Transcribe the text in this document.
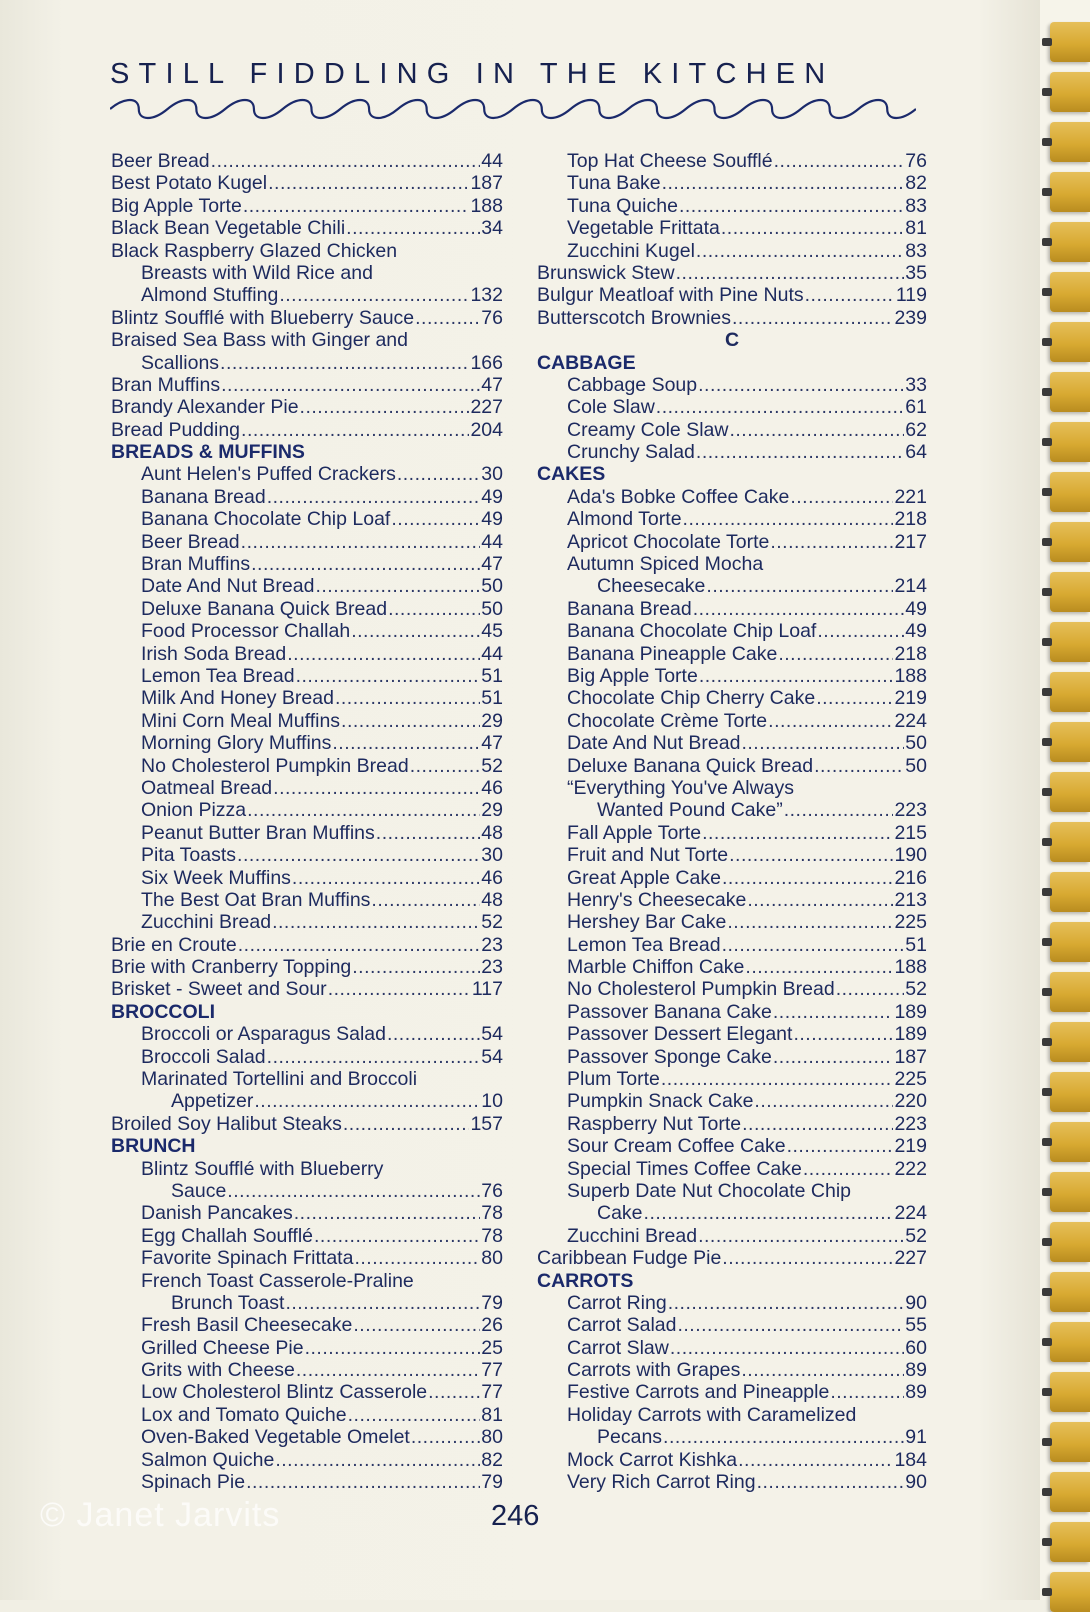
STILL FIDDLING IN THE KITCHEN
Beer Bread .....	44
Best Potato Kugel .....	187
Big Apple Torte .....	188
Black Bean Vegetable Chili .....	34
Black Raspberry Glazed Chicken
Breasts with Wild Rice and
Almond Stuffing .....	132
Blintz Soufflé with Blueberry Sauce .....	76
Braised Sea Bass with Ginger and
Scallions .....	166
Bran Muffins .....	47
Brandy Alexander Pie .....	227
Bread Pudding .....	204
BREADS & MUFFINS
Aunt Helen's Puffed Crackers .....	30
Banana Bread .....	49
Banana Chocolate Chip Loaf .....	49
Beer Bread .....	44
Bran Muffins .....	47
Date And Nut Bread .....	50
Deluxe Banana Quick Bread .....	50
Food Processor Challah .....	45
Irish Soda Bread .....	44
Lemon Tea Bread .....	51
Milk And Honey Bread .....	51
Mini Corn Meal Muffins .....	29
Morning Glory Muffins .....	47
No Cholesterol Pumpkin Bread .....	52
Oatmeal Bread .....	46
Onion Pizza .....	29
Peanut Butter Bran Muffins .....	48
Pita Toasts .....	30
Six Week Muffins .....	46
The Best Oat Bran Muffins .....	48
Zucchini Bread .....	52
Brie en Croute .....	23
Brie with Cranberry Topping .....	23
Brisket - Sweet and Sour .....	117
BROCCOLI
Broccoli or Asparagus Salad .....	54
Broccoli Salad .....	54
Marinated Tortellini and Broccoli
Appetizer .....	10
Broiled Soy Halibut Steaks .....	157
BRUNCH
Blintz Soufflé with Blueberry
Sauce .....	76
Danish Pancakes .....	78
Egg Challah Soufflé .....	78
Favorite Spinach Frittata .....	80
French Toast Casserole-Praline
Brunch Toast .....	79
Fresh Basil Cheesecake .....	26
Grilled Cheese Pie .....	25
Grits with Cheese .....	77
Low Cholesterol Blintz Casserole .....	77
Lox and Tomato Quiche .....	81
Oven-Baked Vegetable Omelet .....	80
Salmon Quiche .....	82
Spinach Pie .....	79
Top Hat Cheese Soufflé .....	76
Tuna Bake .....	82
Tuna Quiche .....	83
Vegetable Frittata .....	81
Zucchini Kugel .....	83
Brunswick Stew .....	35
Bulgur Meatloaf with Pine Nuts .....	119
Butterscotch Brownies .....	239
C
CABBAGE
Cabbage Soup .....	33
Cole Slaw .....	61
Creamy Cole Slaw .....	62
Crunchy Salad .....	64
CAKES
Ada's Bobke Coffee Cake .....	221
Almond Torte .....	218
Apricot Chocolate Torte .....	217
Autumn Spiced Mocha
Cheesecake .....	214
Banana Bread .....	49
Banana Chocolate Chip Loaf .....	49
Banana Pineapple Cake .....	218
Big Apple Torte .....	188
Chocolate Chip Cherry Cake .....	219
Chocolate Crème Torte .....	224
Date And Nut Bread .....	50
Deluxe Banana Quick Bread .....	50
“Everything You've Always
Wanted Pound Cake” .....	223
Fall Apple Torte .....	215
Fruit and Nut Torte .....	190
Great Apple Cake .....	216
Henry's Cheesecake .....	213
Hershey Bar Cake .....	225
Lemon Tea Bread .....	51
Marble Chiffon Cake .....	188
No Cholesterol Pumpkin Bread .....	52
Passover Banana Cake .....	189
Passover Dessert Elegant .....	189
Passover Sponge Cake .....	187
Plum Torte .....	225
Pumpkin Snack Cake .....	220
Raspberry Nut Torte .....	223
Sour Cream Coffee Cake .....	219
Special Times Coffee Cake .....	222
Superb Date Nut Chocolate Chip
Cake .....	224
Zucchini Bread .....	52
Caribbean Fudge Pie .....	227
CARROTS
Carrot Ring .....	90
Carrot Salad .....	55
Carrot Slaw .....	60
Carrots with Grapes .....	89
Festive Carrots and Pineapple .....	89
Holiday Carrots with Caramelized
Pecans .....	91
Mock Carrot Kishka .....	184
Very Rich Carrot Ring .....	90
© Janet Jarvits	246
